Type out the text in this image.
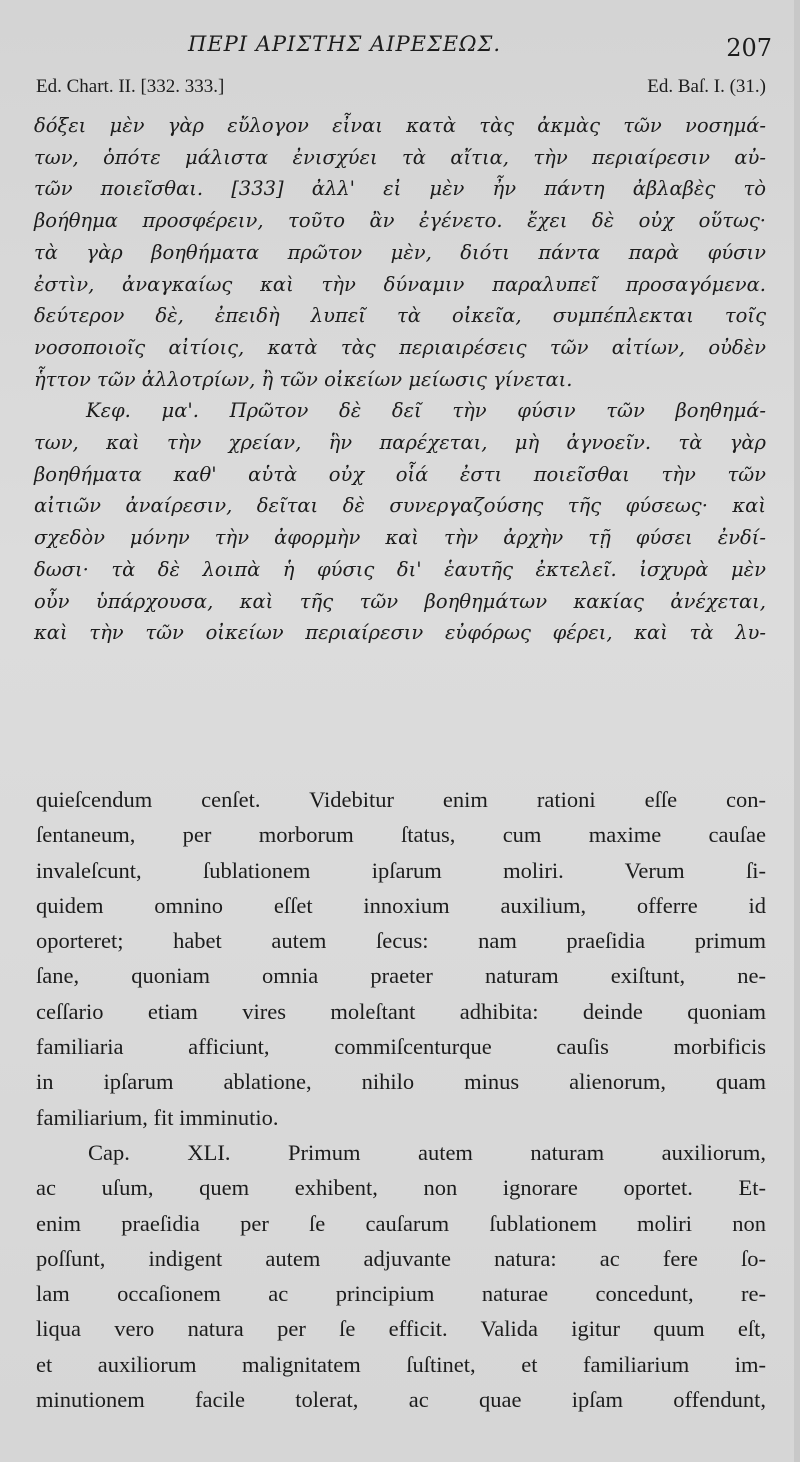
ΠΕΡΙ ΑΡΙΣΤΗΣ ΑΙΡΕΣΕΩΣ.	207
Ed. Chart. II. [332. 333.]	Ed. Baſ. I. (31.)
δόξει μὲν γὰρ εὔλογον εἶναι κατὰ τὰς ἀκμὰς τῶν νοσημά-
των, ὁπότε μάλιστα ἐνισχύει τὰ αἴτια, τὴν περιαίρεσιν αὐ-
τῶν ποιεῖσθαι. [333] ἀλλ' εἰ μὲν ἦν πάντη ἀβλαβὲς τὸ
βοήθημα προσφέρειν, τοῦτο ἂν ἐγένετο. ἔχει δὲ οὐχ οὕτως·
τὰ γὰρ βοηθήματα πρῶτον μὲν, διότι πάντα παρὰ φύσιν
ἐστὶν, ἀναγκαίως καὶ τὴν δύναμιν παραλυπεῖ προσαγόμενα.
δεύτερον δὲ, ἐπειδὴ λυπεῖ τὰ οἰκεῖα, συμπέπλεκται τοῖς
νοσοποιοῖς αἰτίοις, κατὰ τὰς περιαιρέσεις τῶν αἰτίων, οὐδὲν
ἧττον τῶν ἀλλοτρίων, ἢ τῶν οἰκείων μείωσις γίνεται.
Κεφ. μα'. Πρῶτον δὲ δεῖ τὴν φύσιν τῶν βοηθημά-
των, καὶ τὴν χρείαν, ἣν παρέχεται, μὴ ἀγνοεῖν. τὰ γὰρ
βοηθήματα καθ' αὑτὰ οὐχ οἷά ἐστι ποιεῖσθαι τὴν τῶν
αἰτιῶν ἀναίρεσιν, δεῖται δὲ συνεργαζούσης τῆς φύσεως· καὶ
σχεδὸν μόνην τὴν ἀφορμὴν καὶ τὴν ἀρχὴν τῇ φύσει ἐνδί-
δωσι· τὰ δὲ λοιπὰ ἡ φύσις δι' ἑαυτῆς ἐκτελεῖ. ἰσχυρὰ μὲν
οὖν ὑπάρχουσα, καὶ τῆς τῶν βοηθημάτων κακίας ἀνέχεται,
καὶ τὴν τῶν οἰκείων περιαίρεσιν εὐφόρως φέρει, καὶ τὰ λυ-
quieſcendum cenſet. Videbitur enim rationi eſſe con-
ſentaneum, per morborum ſtatus, cum maxime cauſae
invaleſcunt, ſublationem ipſarum moliri. Verum ſi-
quidem omnino eſſet innoxium auxilium, offerre id
oporteret; habet autem ſecus: nam praeſidia primum
ſane, quoniam omnia praeter naturam exiſtunt, ne-
ceſſario etiam vires moleſtant adhibita: deinde quoniam
familiaria afficiunt, commiſcenturque cauſis morbificis
in ipſarum ablatione, nihilo minus alienorum, quam
familiarium, fit imminutio.
Cap. XLI. Primum autem naturam auxiliorum,
ac uſum, quem exhibent, non ignorare oportet. Et-
enim praeſidia per ſe cauſarum ſublationem moliri non
poſſunt, indigent autem adjuvante natura: ac fere ſo-
lam occaſionem ac principium naturae concedunt, re-
liqua vero natura per ſe efficit. Valida igitur quum eſt,
et auxiliorum malignitatem ſuſtinet, et familiarium im-
minutionem facile tolerat, ac quae ipſam offendunt,
